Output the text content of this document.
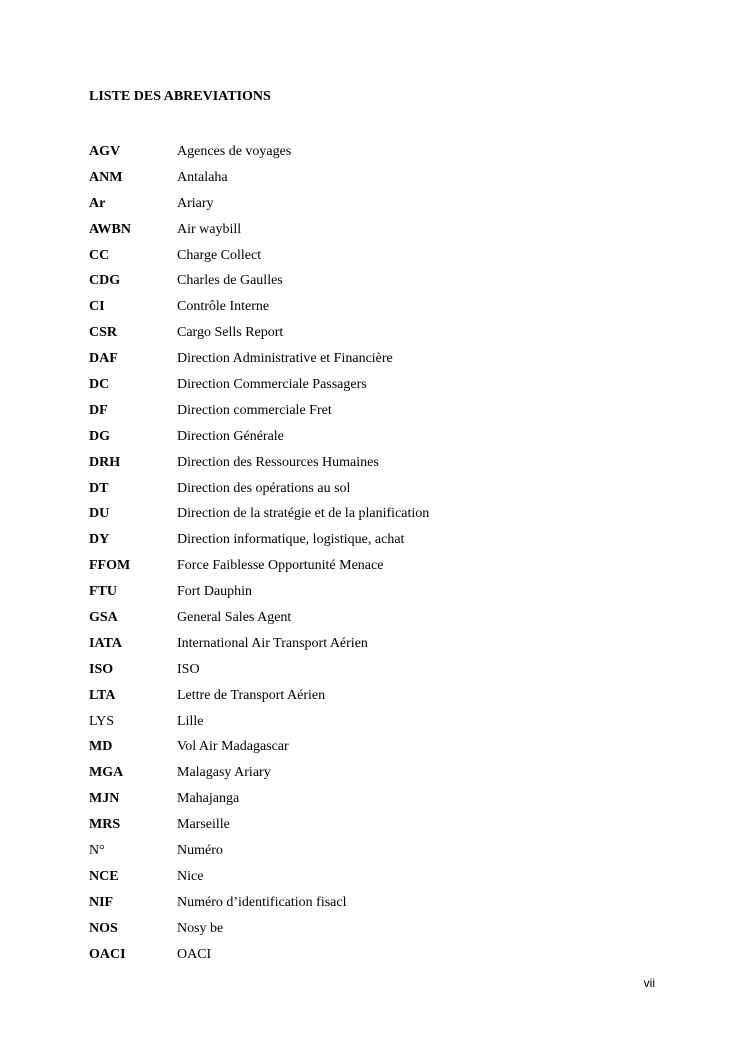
LISTE DES ABREVIATIONS
AGV	Agences de voyages
ANM	Antalaha
Ar	Ariary
AWBN	Air waybill
CC	Charge Collect
CDG	Charles de Gaulles
CI	Contrôle Interne
CSR	Cargo Sells Report
DAF	Direction Administrative et Financière
DC	Direction Commerciale Passagers
DF	Direction commerciale Fret
DG	Direction Générale
DRH	Direction des Ressources Humaines
DT	Direction des opérations au sol
DU	Direction de la stratégie et de la planification
DY	Direction informatique, logistique, achat
FFOM	Force Faiblesse Opportunité Menace
FTU	Fort Dauphin
GSA	General Sales Agent
IATA	International Air Transport Aérien
ISO	ISO
LTA	Lettre de Transport Aérien
LYS	Lille
MD	Vol Air Madagascar
MGA	Malagasy Ariary
MJN	Mahajanga
MRS	Marseille
N°	Numéro
NCE	Nice
NIF	Numéro d’identification fisacl
NOS	Nosy be
OACI	OACI
vii
